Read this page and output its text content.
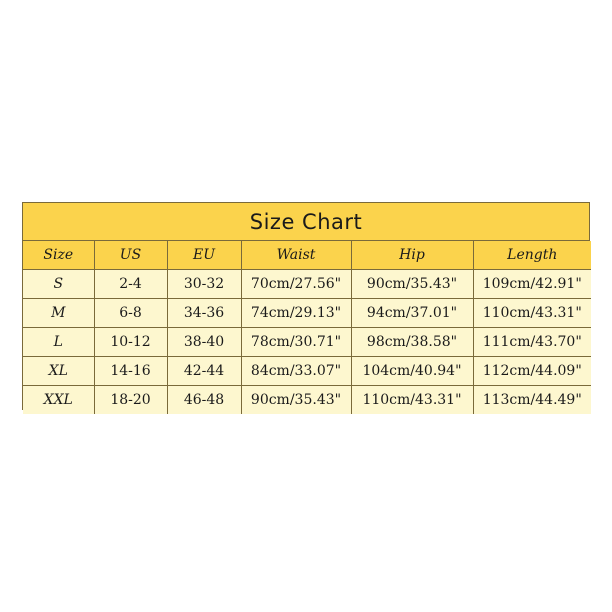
Size Chart
Size	US	EU	Waist	Hip	Length
S	2-4	30-32	70cm/27.56"	90cm/35.43"	109cm/42.91"
M	6-8	34-36	74cm/29.13"	94cm/37.01"	110cm/43.31"
L	10-12	38-40	78cm/30.71"	98cm/38.58"	111cm/43.70"
XL	14-16	42-44	84cm/33.07"	104cm/40.94"	112cm/44.09"
XXL	18-20	46-48	90cm/35.43"	110cm/43.31"	113cm/44.49"
